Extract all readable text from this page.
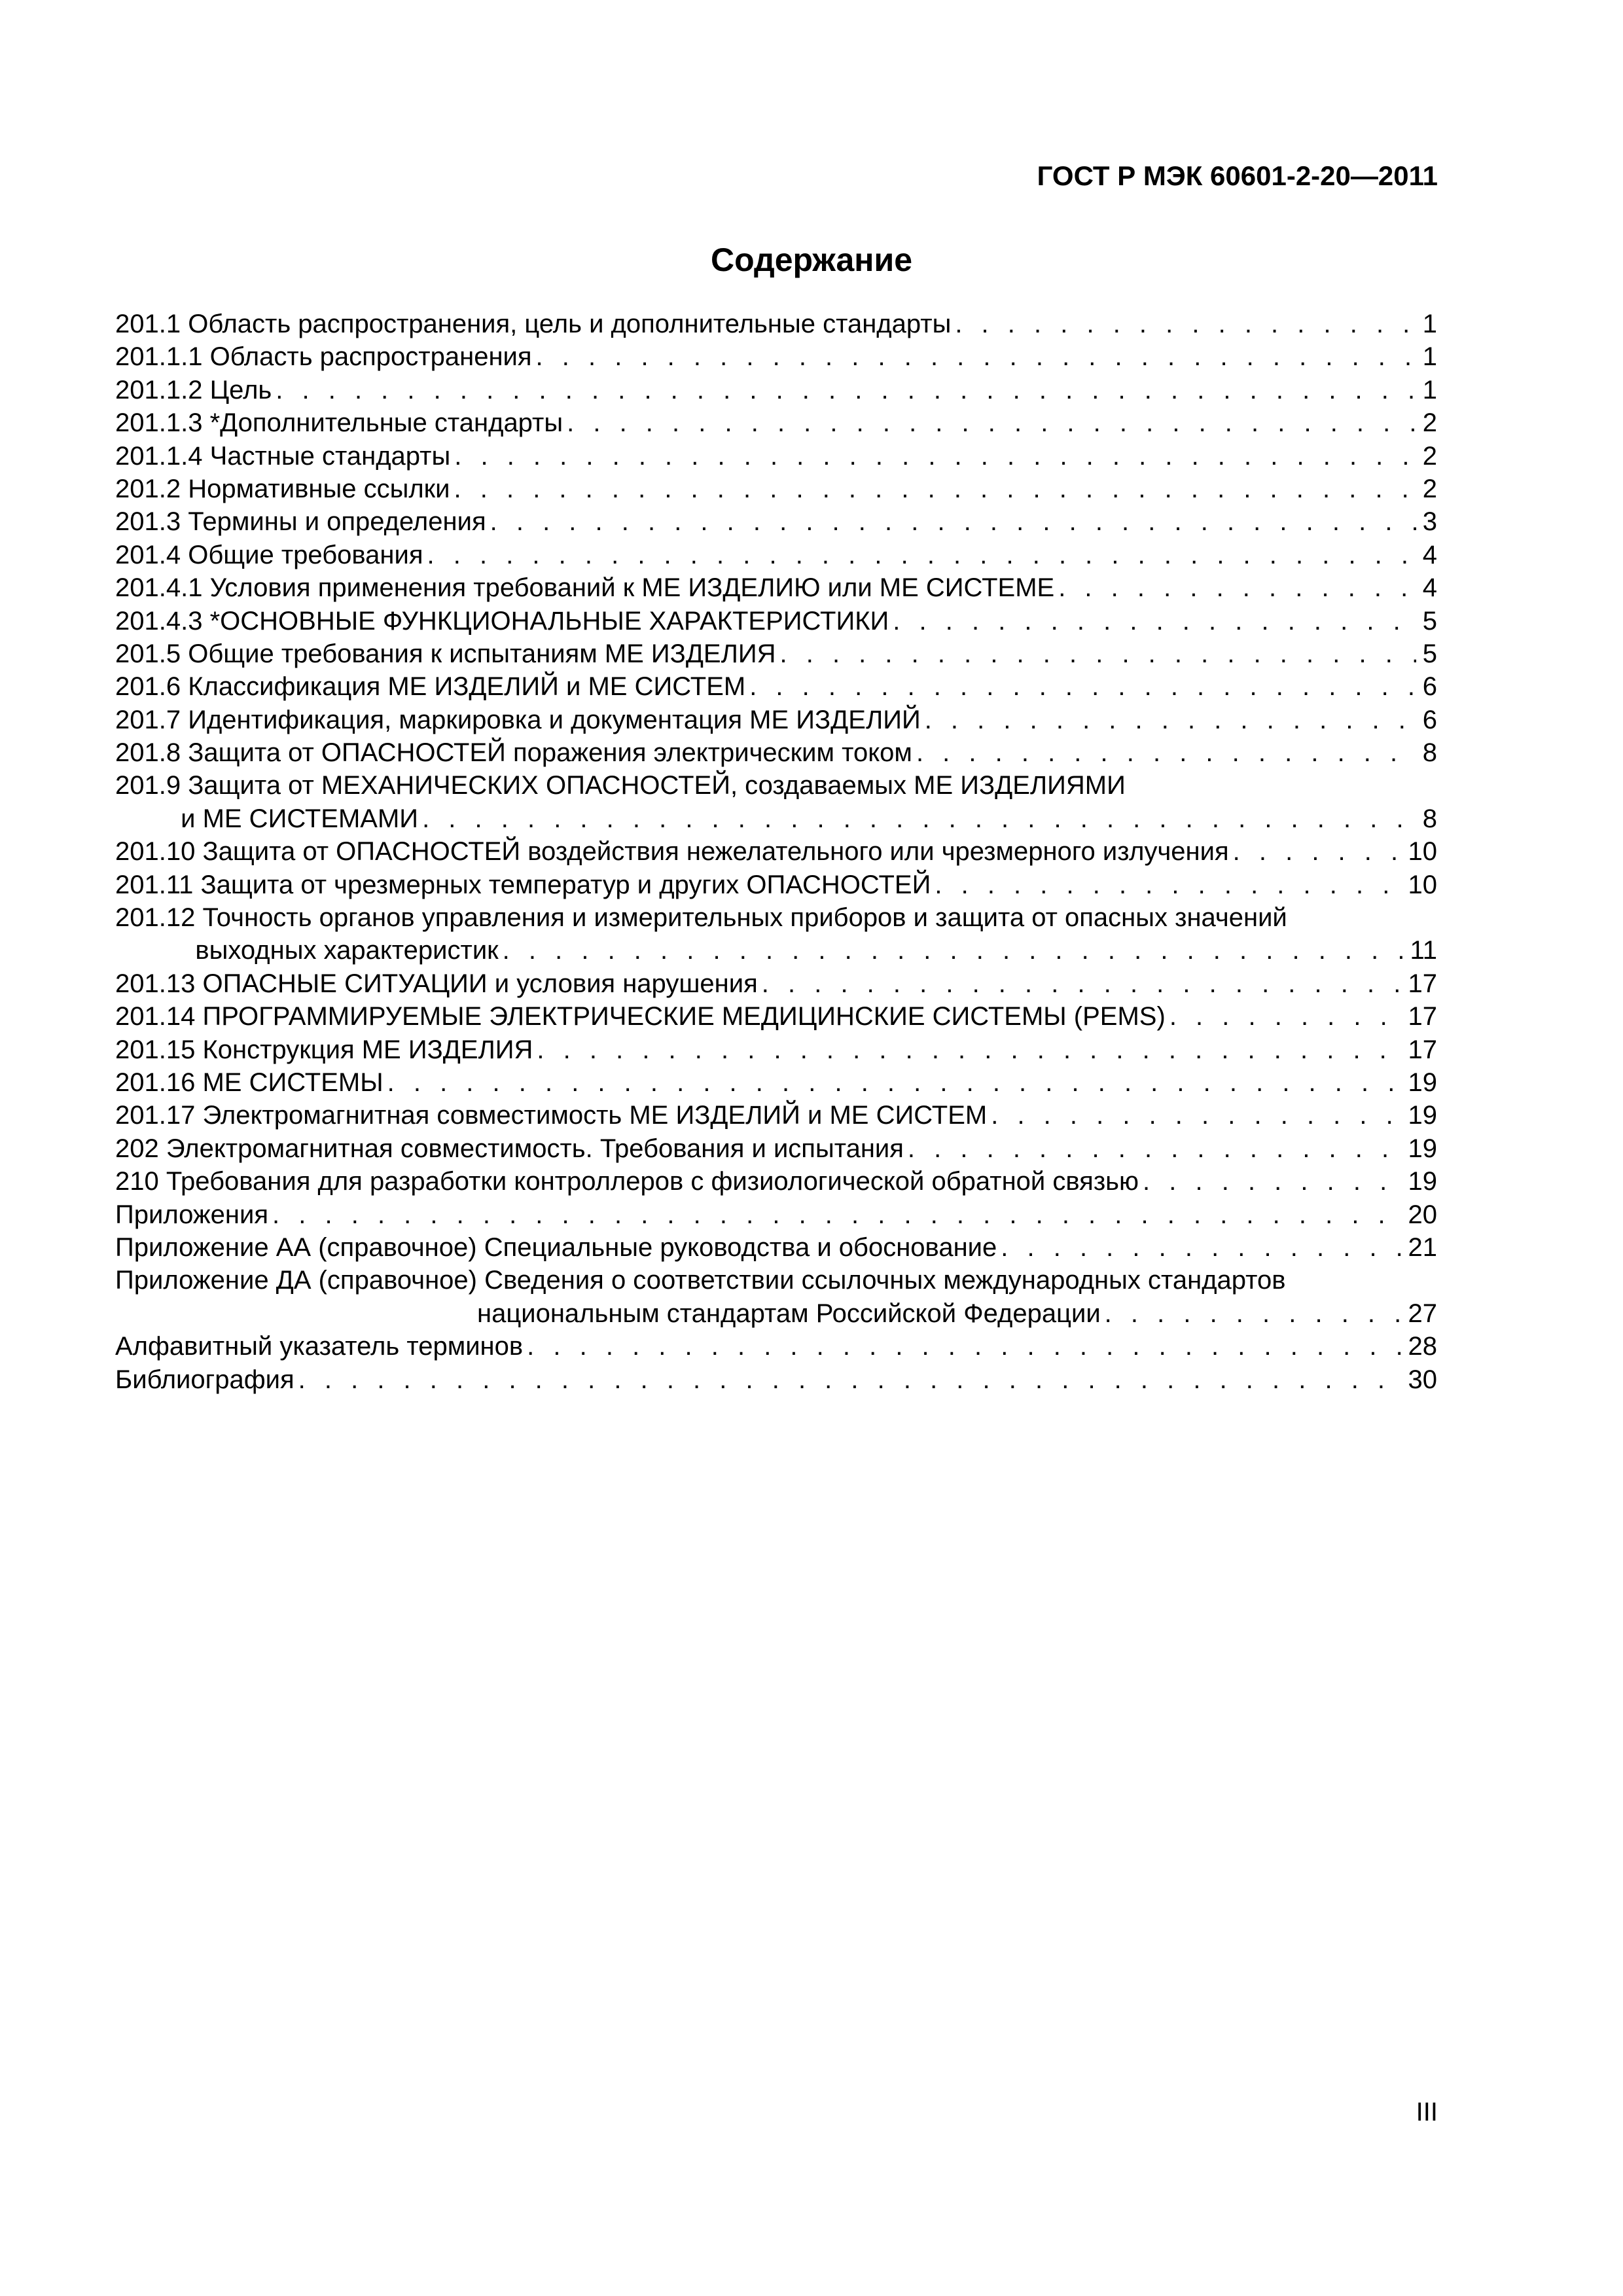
ГОСТ Р МЭК 60601-2-20—2011
Содержание
201.1 Область распространения, цель и дополнительные стандарты . . .	1
201.1.1 Область распространения . . .	1
201.1.2 Цель . . .	1
201.1.3 *Дополнительные стандарты . . .	2
201.1.4 Частные стандарты . . .	2
201.2 Нормативные ссылки . . .	2
201.3 Термины и определения . . .	3
201.4 Общие требования . . .	4
201.4.1 Условия применения требований к МЕ ИЗДЕЛИЮ или МЕ СИСТЕМЕ . . .	4
201.4.3 *ОСНОВНЫЕ ФУНКЦИОНАЛЬНЫЕ ХАРАКТЕРИСТИКИ . . .	5
201.5 Общие требования к испытаниям МЕ ИЗДЕЛИЯ . . .	5
201.6 Классификация МЕ ИЗДЕЛИЙ и МЕ СИСТЕМ . . .	6
201.7 Идентификация, маркировка и документация МЕ ИЗДЕЛИЙ . . .	6
201.8 Защита от ОПАСНОСТЕЙ поражения электрическим током . . .	8
201.9 Защита от МЕХАНИЧЕСКИХ ОПАСНОСТЕЙ, создаваемых МЕ ИЗДЕЛИЯМИ
и МЕ СИСТЕМАМИ . . .	8
201.10 Защита от ОПАСНОСТЕЙ воздействия нежелательного или чрезмерного излучения . . .	10
201.11 Защита от чрезмерных температур и других ОПАСНОСТЕЙ . . .	10
201.12 Точность органов управления и измерительных приборов и защита от опасных значений
выходных характеристик . . .	11
201.13 ОПАСНЫЕ СИТУАЦИИ и условия нарушения . . .	17
201.14 ПРОГРАММИРУЕМЫЕ ЭЛЕКТРИЧЕСКИЕ МЕДИЦИНСКИЕ СИСТЕМЫ (PEMS) . . .	17
201.15 Конструкция МЕ ИЗДЕЛИЯ . . .	17
201.16 МЕ СИСТЕМЫ . . .	19
201.17 Электромагнитная совместимость МЕ ИЗДЕЛИЙ и МЕ СИСТЕМ . . .	19
202 Электромагнитная совместимость. Требования и испытания . . .	19
210 Требования для разработки контроллеров с физиологической обратной связью . . .	19
Приложения . . .	20
Приложение АА (справочное) Специальные руководства и обоснование . . .	21
Приложение ДА (справочное) Сведения о соответствии ссылочных международных стандартов
национальным стандартам Российской Федерации . . .	27
Алфавитный указатель терминов . . .	28
Библиография . . .	30
III
